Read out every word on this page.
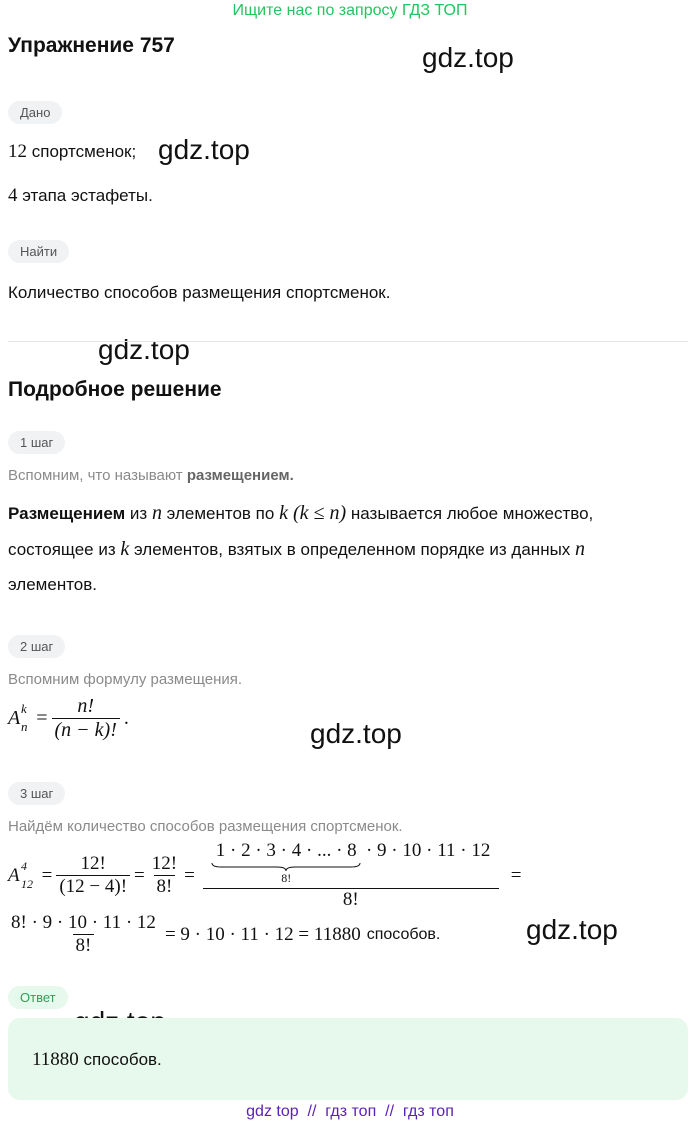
Ищите нас по запросу ГДЗ ТОП
Упражнение 757	gdz.top
gdz.top
gdz.top
gdz.top
gdz.top
Дано
12 спортсменок;
4 этапа эстафеты.
Найти
Количество способов размещения спортсменок.
Подробное решение
1 шаг
Вспомним, что называют размещением.
Размещением из n элементов по k (k ≤ n) называется любое множество,
состоящее из k элементов, взятых в определенном порядке из данных n
элементов.
2 шаг
Вспомним формулу размещения.
A k
$n = \frac{n!}{(n - k)!}$ .
3 шаг
Найдём количество способов размещения спортсменок.
A 4
$12 = \frac{12!}{(12 - 4)!} = \frac{12!}{8!}$ =
1 · 2 · 3 · 4 · ... · 8
8!
· 9 · 10 · 11 · 12
8!
=
$\frac{8! \cdot 9 \cdot 10 \cdot 11 \cdot 12}{8!} = 9 \cdot 10 \cdot 11 \cdot 12 = 11880$ способов.
Ответ
11880 способов.
gdz top  //  гдз топ  //  гдз топ
